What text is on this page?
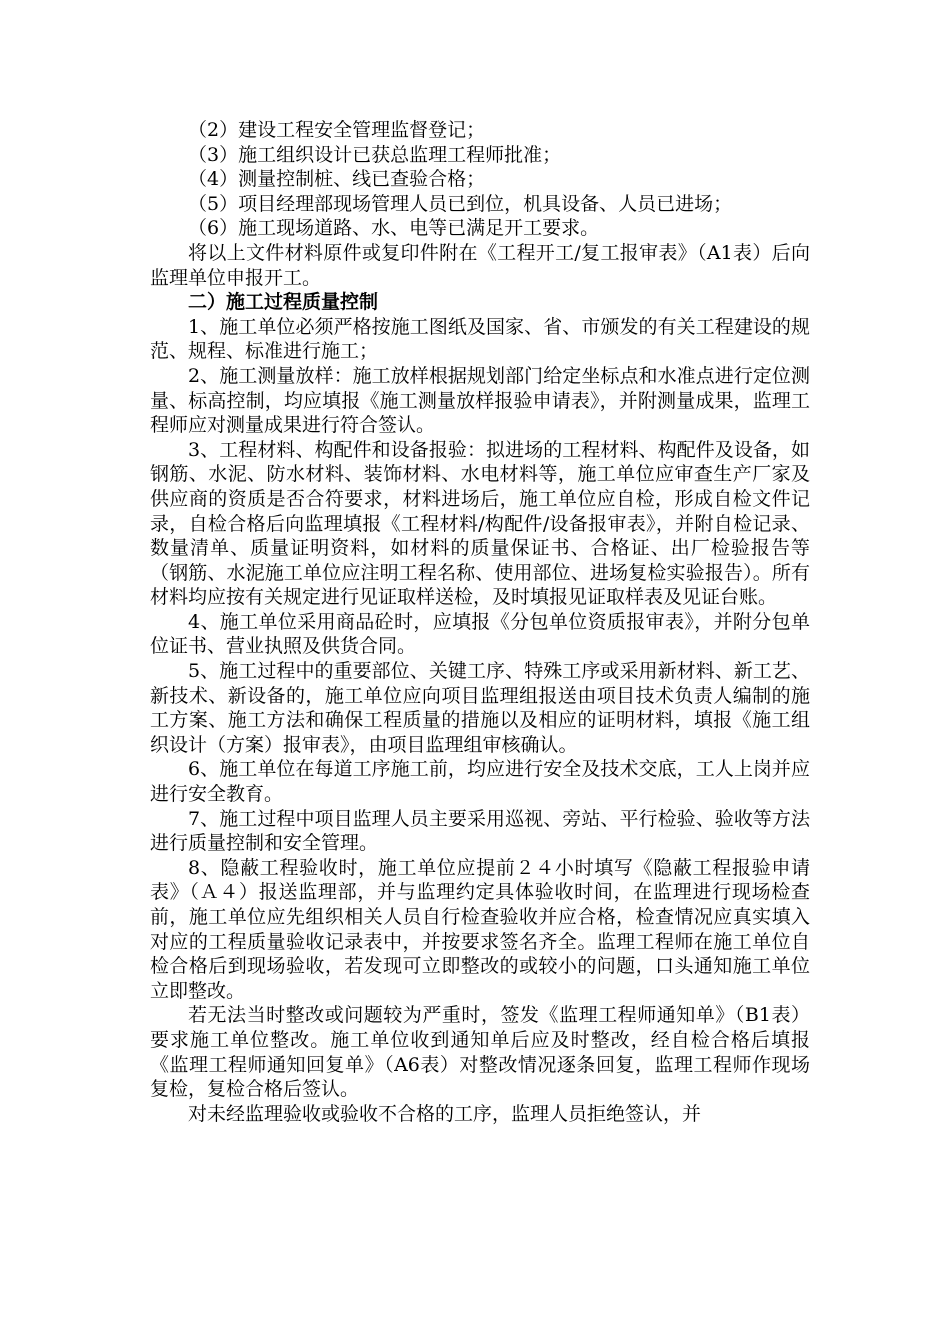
（2）建设工程安全管理监督登记；

（3）施工组织设计已获总监理工程师批准；

（4）测量控制桩、线已查验合格；

（5）项目经理部现场管理人员已到位，机具设备、人员已进场；

（6）施工现场道路、水、电等已满足开工要求。

将以上文件材料原件或复印件附在《工程开工/复工报审表》（A1表）后向监理单位申报开工。

二）施工过程质量控制

1、施工单位必须严格按施工图纸及国家、省、市颁发的有关工程建设的规范、规程、标准进行施工；

2、施工测量放样：施工放样根据规划部门给定坐标点和水准点进行定位测量、标高控制，均应填报《施工测量放样报验申请表》，并附测量成果，监理工程师应对测量成果进行符合签认。

3、工程材料、构配件和设备报验：拟进场的工程材料、构配件及设备，如钢筋、水泥、防水材料、装饰材料、水电材料等，施工单位应审查生产厂家及供应商的资质是否合符要求，材料进场后，施工单位应自检，形成自检文件记录，自检合格后向监理填报《工程材料/构配件/设备报审表》，并附自检记录、数量清单、质量证明资料，如材料的质量保证书、合格证、出厂检验报告等（钢筋、水泥施工单位应注明工程名称、使用部位、进场复检实验报告）。所有材料均应按有关规定进行见证取样送检，及时填报见证取样表及见证台账。

4、施工单位采用商品砼时，应填报《分包单位资质报审表》，并附分包单位证书、营业执照及供货合同。

5、施工过程中的重要部位、关键工序、特殊工序或采用新材料、新工艺、新技术、新设备的，施工单位应向项目监理组报送由项目技术负责人编制的施工方案、施工方法和确保工程质量的措施以及相应的证明材料，填报《施工组织设计（方案）报审表》，由项目监理组审核确认。

6、施工单位在每道工序施工前，均应进行安全及技术交底，工人上岗并应进行安全教育。

7、施工过程中项目监理人员主要采用巡视、旁站、平行检验、验收等方法进行质量控制和安全管理。

8、隐蔽工程验收时，施工单位应提前２４小时填写《隐蔽工程报验申请表》（Ａ４）报送监理部，并与监理约定具体验收时间，在监理进行现场检查前，施工单位应先组织相关人员自行检查验收并应合格，检查情况应真实填入对应的工程质量验收记录表中，并按要求签名齐全。监理工程师在施工单位自检合格后到现场验收，若发现可立即整改的或较小的问题，口头通知施工单位立即整改。

若无法当时整改或问题较为严重时，签发《监理工程师通知单》（B1表）要求施工单位整改。施工单位收到通知单后应及时整改，经自检合格后填报《监理工程师通知回复单》（A6表）对整改情况逐条回复，监理工程师作现场复检，复检合格后签认。

对未经监理验收或验收不合格的工序，监理人员拒绝签认，并
